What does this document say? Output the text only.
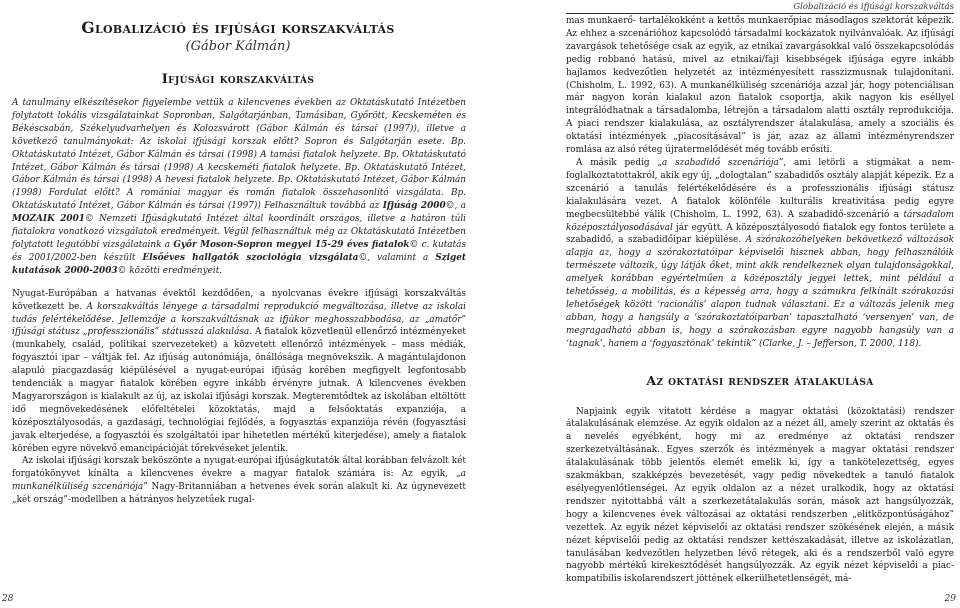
Globalizáció és ifjúsági korszakváltás

(Gábor Kálmán)

Ifjúsági korszakváltás

A tanulmány elkészítésekor figyelembe vettük a kilencvenes években az Oktatáskutató Intézetben folytatott lokális vizsgálatainkat Sopronban, Salgótarjánban, Tamásiban, Győrött, Kecskeméten és Békéscsabán, Székelyudvarhelyen és Kolozsvárott (Gábor Kálmán és társai (1997)), illetve a következő tanulmányokat: Az iskolai ifjúsági korszak előtt? Sopron és Salgótarján esete. Bp. Oktatáskutató Intézet, Gábor Kálmán és társai (1998) A tamási fiatalok helyzete. Bp. Oktatáskutató Intézet, Gábor Kálmán és társai (1998) A kecskeméti fiatalok helyzete. Bp. Oktatáskutató Intézet, Gábor Kálmán és társai (1998) A hevesi fiatalok helyzete. Bp. Oktatáskutató Intézet, Gábor Kálmán (1998) Fordulat előtt? A romániai magyar és román fiatalok összehasonlító vizsgálata. Bp. Oktatáskutató Intézet, Gábor Kálmán és társai (1997)) Felhasználtuk továbbá az Ifjúság 2000©, a MOZAIK 2001© Nemzeti Ifjúságkutató Intézet által koordinált országos, illetve a határon túli fiatalokra vonatkozó vizsgálatok eredményeit. Végül felhasználtuk még az Oktatáskutató Intézetben folytatott legutóbbi vizsgálataink a Győr Moson-Sopron megyei 15-29 éves fiatalok© c. kutatás és 2001/2002-ben készült Elsőéves hallgatók szociológia vizsgálata©, valamint a Sziget kutatások 2000-2003© közötti eredményeit.

Nyugat-Európában a hatvanas évektől kezdődően, a nyolcvanas évekre ifjúsági korszakváltás következett be. A korszakváltás lényege a társadalmi reprodukció megváltozása, illetve az iskolai tudás felértékelődése. Jellemzője a korszakváltásnak az ifjúkor meghosszabbodása, az „amatőr” ifjúsági státusz „professzionális” státusszá alakulása. A fiatalok közvetlenül ellenőrző intézményeket (munkahely, család, politikai szervezeteket) a közvetett ellenőrző intézmények – mass médiák, fogyasztói ipar – váltják fel. Az ifjúság autonómiája, önállósága megnövekszik. A magántulajdonon alapuló piacgazdaság kiépülésével a nyugat-európai ifjúság korében megfigyelt legfontosabb tendenciák a magyar fiatalok körében egyre inkább érvényre jutnak. A kilencvenes években Magyarországon is kialakult az új, az iskolai ifjúsági korszak. Megteremtődtek az iskolában eltöltött idő megnövekedésének előfeltételei közoktatás, majd a felsőoktatás expanziója, a középosztályosodás, a gazdasági, technológiai fejlődés, a fogyasztás expanziója révén (fogyasztási javak elterjedése, a fogyasztói és szolgáltatói ipar hihetetlen mértékű kiterjedése), amely a fiatalok körében egyre növekvő emancipációját tőrekvéseket jelentik.

Az iskolai ifjúsági korszak beköszönte a nyugat-európai ifjúságkutatók által korábban felvázolt két forgatókönyvet kínálta a kilencvenes évekre a magyar fiatalok számára is: Az egyik, „a munkanélküliség szcenáriója” Nagy-Britanniában a hetvenes évek során alakult ki. Az úgynevezett „két ország”-modellben a hátrányos helyzetűek rugal-

28
Globalizáció és ifjúsági korszakváltás

mas munkaerő- tartalékokként a kettős munkaerőpiac másodlagos szektorát képezik. Az ehhez a szcenárióhoz kapcsolódó társadalmi kockázatok nyilvánvalóak. Az ifjúsági zavargások tehetősége csak az egyik, az etnikai zavargásokkal való összekapcsolódás pedig robbanó hatású, mivel az etnikai/faji kisebbségek ifjúsága egyre inkább hajlamos kedvezőtlen helyzetét az intézményesített rasszizmusnak tulajdonítani. (Chisholm, L. 1992, 63). A munkanélküliség szcenáriója azzal jár, hogy potenciálisan már nagyon korán kialakul azon fiatalok csoportja, akik nagyon kis eséllyel integrálódhatnak a társadalomba, létrejön a társadalom alatti osztály reprodukciója. A piaci rendszer kialakulása, az osztályrendszer átalakulása, amely a szociális és oktatási intézmények „piacosításával” is jár, azaz az állami intézményrendszer romlása az alsó réteg újratermelődését még tovább erősíti.

A másik pedig „a szabadidő szcenáriója”, ami letörli a stigmákat a nem-foglalkoztatottakról, akik egy új, „dologtalan” szabadidős osztály alapját képezik. Ez a szcenárió a tanulás felértékelődésére és a professzionális ifjúsági státusz kialakulására vezet. A fiatalok kölönféle kulturális kreativitása pedig egyre megbecsültebbé válik (Chisholm, L. 1992, 63). A szabadidő-szcenárió a társadalom középosztályosodásával jár együtt. A középosztályosodó fiatalok egy fontos területe a szabadidő, a szabadidőipar kiépülése. A szórakozóhelyeken bekövetkező változások alapja az, hogy a szórakoztatóipar képviselői hisznek abban, hogy felhasználóik természete változik, úgy látják őket, mint akik rendelkeznek olyan tulajdonságokkal, amelyek korábban egyértelműen a középosztály jegyei lettek, mint például a tehetősség, a mobilitás, és a képesség arra, hogy a számukra felkínált szórakozási lehetőségek között ‘racionális’ alapon tudnak választani. Ez a változás jelenik meg abban, hogy a hangsúly a ‘szórakoztatóiparban’ tapasztalható ‘versenyen’ van, de megragadható abban is, hogy a szórakozásban egyre nagyobb hangsúly van a ‘tagnak’, hanem a ‘fogyasztónak’ tekintik” (Clarke, J. – Jefferson, T. 2000, 118).

Az oktatási rendszer átalakulása

Napjaink egyik vitatott kérdése a magyar oktatási (közoktatási) rendszer átalakulásának elemzése. Az egyik oldalon az a nézet áll, amely szerint az oktatás és a nevelés egyébként, hogy mi az eredménye az oktatási rendszer szerkezetváltásának. Egyes szerzők és intézmények a magyar oktatási rendszer átalakulásának több jelentős elemét emelik ki, így a tankötelezettség, egyes szakmákban, szakképzés bevezetését, vagy pedig növekedtek a tanuló fiatalok esélyegyenlőtlenségei. Az egyik oldalon az a nézet uralkodik, hogy az oktatási rendszer nyitottabbá vált a szerkezetátalakulás során, mások azt hangsúlyozzák, hogy a kilencvenes évek változásai az oktatási rendszerben „elitközpontúságához” vezettek. Az egyik nézet képviselői az oktatási rendszer szökésének elején, a másik nézet képviselői pedig az oktatási rendszer kettészakadását, illetve az iskolázatlan, tanulásában kedvezőtlen helyzetben lévő rétegek, aki és a rendszerből való egyre nagyobb mértékű kirekesztődését hangsúlyozzák. Az egyik nézet képviselői a piac-kompatibilis iskolarendszert jöttének elkerülhetetlenségét, má-

29
